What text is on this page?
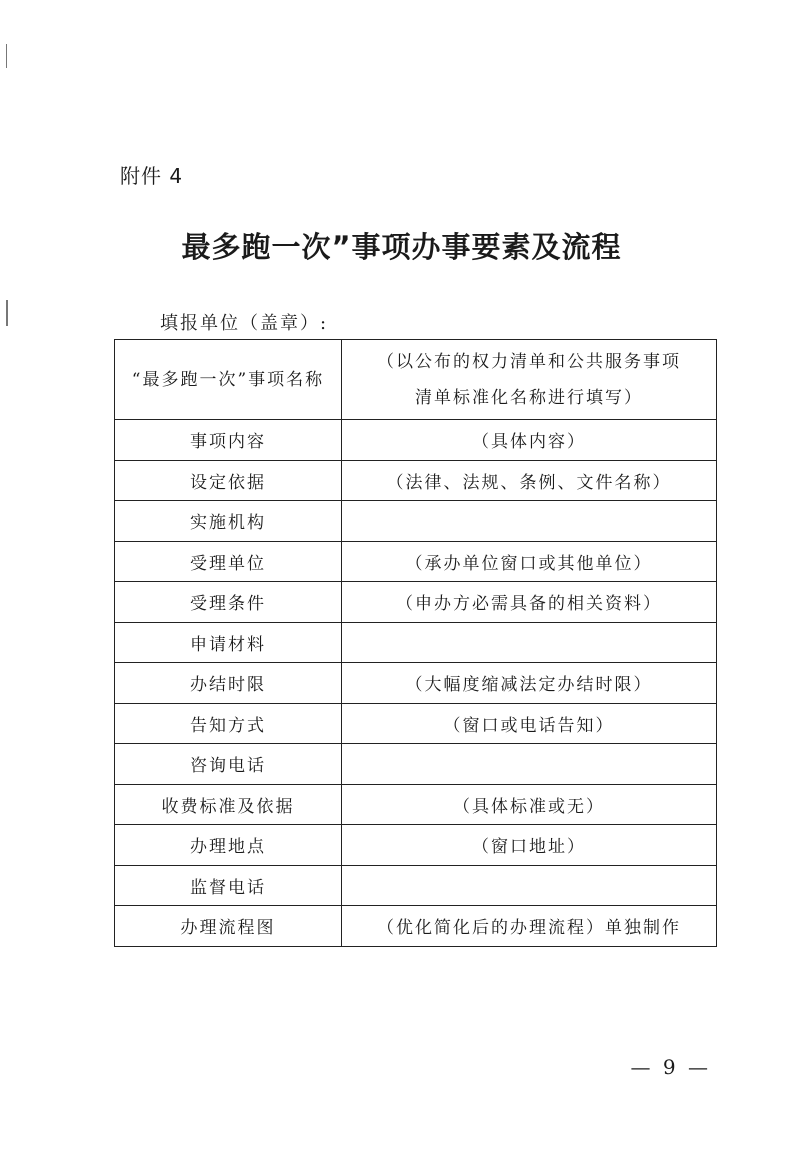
附件 4
最多跑一次”事项办事要素及流程
填报单位（盖章）:
“最多跑一次”事项名称	（以公布的权力清单和公共服务事项
清单标准化名称进行填写）

事项内容	（具体内容）

设定依据	（法律、法规、条例、文件名称）

实施机构	
受理单位	（承办单位窗口或其他单位）

受理条件	（申办方必需具备的相关资料）

申请材料	
办结时限	（大幅度缩减法定办结时限）

告知方式	（窗口或电话告知）

咨询电话	
收费标准及依据	（具体标准或无）

办理地点	（窗口地址）

监督电话	
办理流程图	（优化简化后的办理流程）单独制作
— 9 —
